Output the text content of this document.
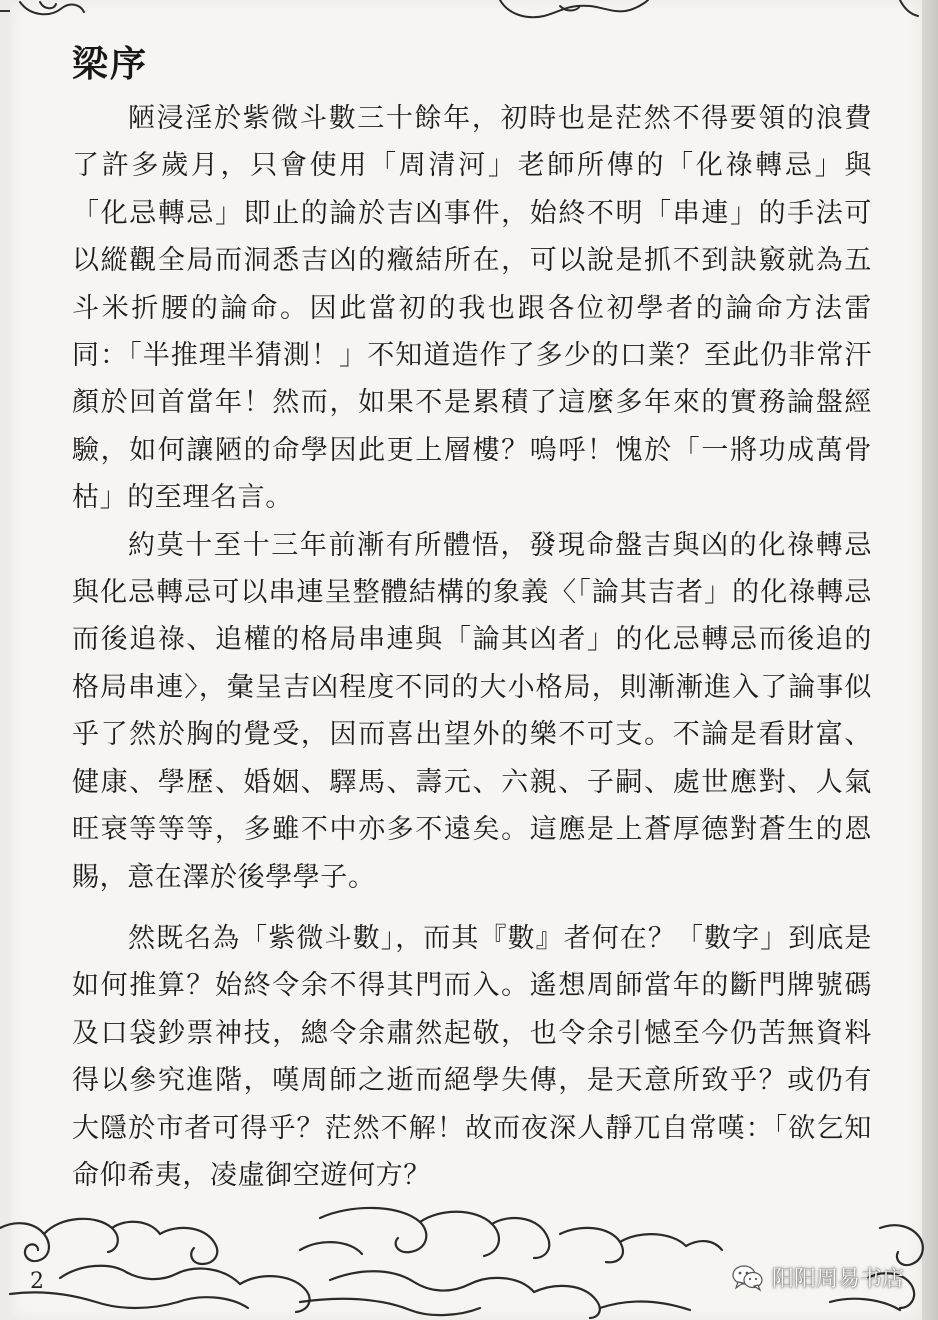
梁序

陋浸淫於紫微斗數三十餘年，初時也是茫然不得要領的浪費了許多歲月，只會使用「周清河」老師所傳的「化祿轉忌」與「化忌轉忌」即止的論於吉凶事件，始終不明「串連」的手法可以縱觀全局而洞悉吉凶的癥結所在，可以說是抓不到訣竅就為五斗米折腰的論命。因此當初的我也跟各位初學者的論命方法雷同：「半推理半猜測！」不知道造作了多少的口業？至此仍非常汗顏於回首當年！然而，如果不是累積了這麼多年來的實務論盤經驗，如何讓陋的命學因此更上層樓？嗚呼！愧於「一將功成萬骨枯」的至理名言。

約莫十至十三年前漸有所體悟，發現命盤吉與凶的化祿轉忌與化忌轉忌可以串連呈整體結構的象義〈「論其吉者」的化祿轉忌而後追祿、追權的格局串連與「論其凶者」的化忌轉忌而後追的格局串連〉，彙呈吉凶程度不同的大小格局，則漸漸進入了論事似乎了然於胸的覺受，因而喜出望外的樂不可支。不論是看財富、健康、學歷、婚姻、驛馬、壽元、六親、子嗣、處世應對、人氣旺衰等等等，多雖不中亦多不遠矣。這應是上蒼厚德對蒼生的恩賜，意在澤於後學學子。

然既名為「紫微斗數」，而其『數』者何在？「數字」到底是如何推算？始終令余不得其門而入。遙想周師當年的斷門牌號碼及口袋鈔票神技，總令余肅然起敬，也令余引憾至今仍苦無資料得以參究進階，嘆周師之逝而絕學失傳，是天意所致乎？或仍有大隱於市者可得乎？茫然不解！故而夜深人靜兀自常嘆：「欲乞知命仰希夷，凌虛御空遊何方？

2	阳阳周易书店
